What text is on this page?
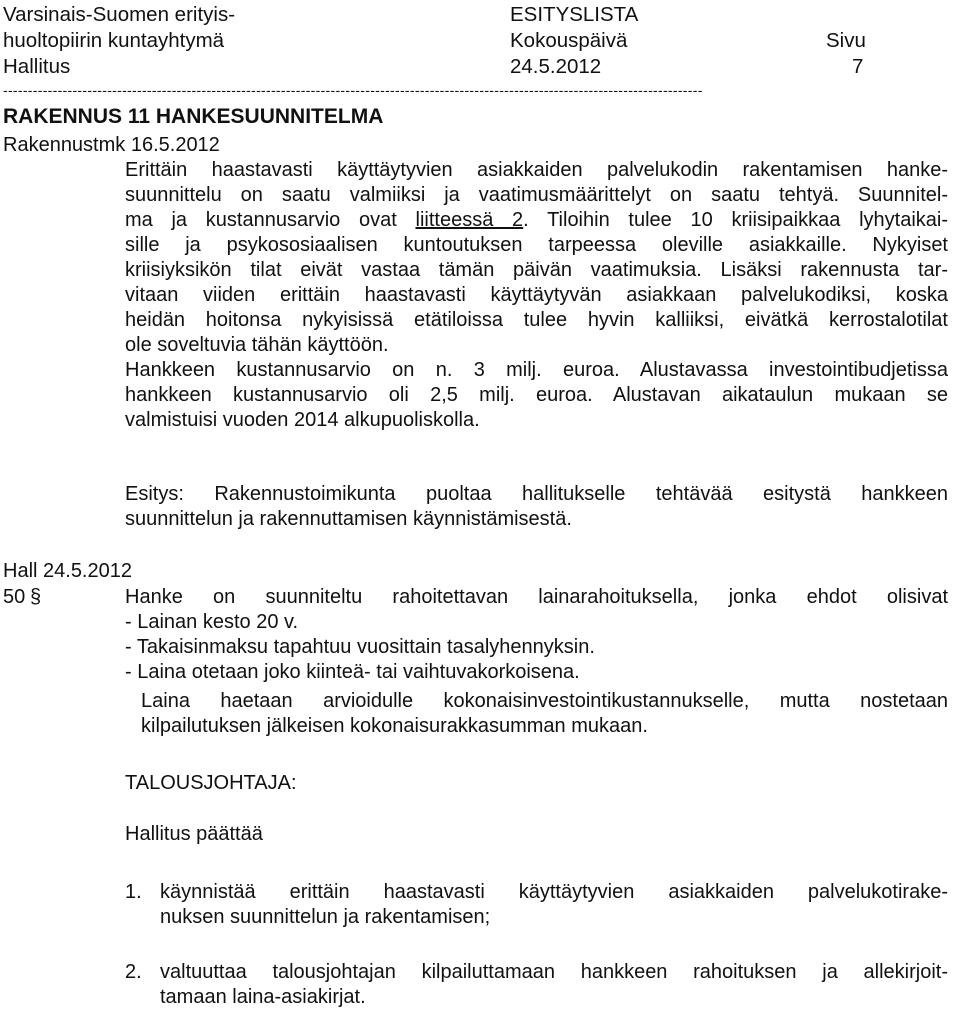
Varsinais-Suomen erityis-
huoltopiirin kuntayhtymä
Hallitus
ESITYSLISTA
Kokouspäivä
24.5.2012
Sivu
7
---------------------------------------------------------------------------------------------------------------------------------------------
RAKENNUS 11 HANKESUUNNITELMA
Rakennustmk 16.5.2012
Erittäin haastavasti käyttäytyvien asiakkaiden palvelukodin rakentamisen hanke-
suunnittelu on saatu valmiiksi ja vaatimusmäärittelyt on saatu tehtyä. Suunnitel-
ma ja kustannusarvio ovat liitteessä 2. Tiloihin tulee 10 kriisipaikkaa lyhytaikai-
sille ja psykososiaalisen kuntoutuksen tarpeessa oleville asiakkaille. Nykyiset
kriisiyksikön tilat eivät vastaa tämän päivän vaatimuksia. Lisäksi rakennusta tar-
vitaan viiden erittäin haastavasti käyttäytyvän asiakkaan palvelukodiksi, koska
heidän hoitonsa nykyisissä etätiloissa tulee hyvin kalliiksi, eivätkä kerrostalotilat
ole soveltuvia tähän käyttöön.
Hankkeen kustannusarvio on n. 3 milj. euroa. Alustavassa investointibudjetissa
hankkeen kustannusarvio oli 2,5 milj. euroa. Alustavan aikataulun mukaan se
valmistuisi vuoden 2014 alkupuoliskolla.
Esitys: Rakennustoimikunta puoltaa hallitukselle tehtävää esitystä hankkeen
suunnittelun ja rakennuttamisen käynnistämisestä.
Hall 24.5.2012
50 §	Hanke on suunniteltu rahoitettavan lainarahoituksella, jonka ehdot olisivat
- Lainan kesto 20 v.
- Takaisinmaksu tapahtuu vuosittain tasalyhennyksin.
- Laina otetaan joko kiinteä- tai vaihtuvakorkoisena.
Laina haetaan arvioidulle kokonaisinvestointikustannukselle, mutta nostetaan
kilpailutuksen jälkeisen kokonaisurakkasumman mukaan.
TALOUSJOHTAJA:
Hallitus päättää
1. käynnistää erittäin haastavasti käyttäytyvien asiakkaiden palvelukotirake-
nuksen suunnittelun ja rakentamisen;
2. valtuuttaa talousjohtajan kilpailuttamaan hankkeen rahoituksen ja allekirjoit-
tamaan laina-asiakirjat.
